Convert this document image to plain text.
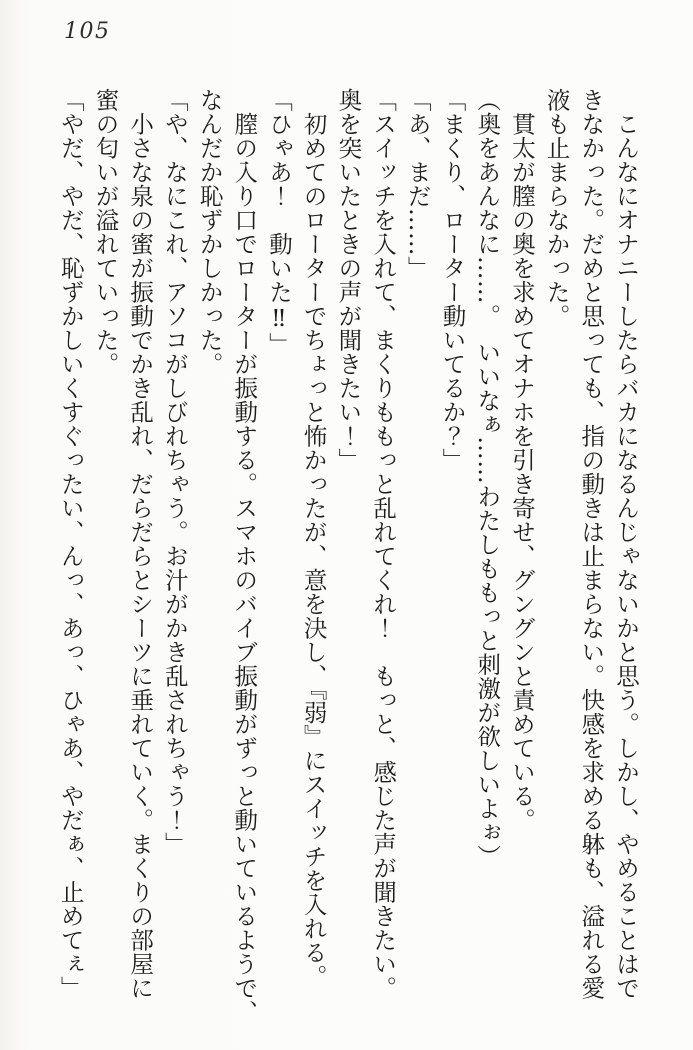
105
　こんなにオナニーしたらバカになるんじゃないかと思う。しかし、やめることはで
きなかった。だめと思っても、指の動きは止まらない。快感を求める躰も、溢れる愛
液も止まらなかった。
　貫太が膣の奥を求めてオナホを引き寄せ、グングンと責めている。
（奥をあんなに……。　いいなぁ……わたしももっと刺激が欲しいよぉ）
「まくり、ローター動いてるか？」
「あ、まだ……」
「スイッチを入れて、まくりももっと乱れてくれ！　もっと、感じた声が聞きたい。
奥を突いたときの声が聞きたい！」
　初めてのローターでちょっと怖かったが、意を決し、『弱』にスイッチを入れる。
「ひゃあ！　動いた‼」
　膣の入り口でローターが振動する。スマホのバイブ振動がずっと動いているようで、
なんだか恥ずかしかった。
「や、なにこれ、アソコがしびれちゃう。お汁がかき乱されちゃう！」
　小さな泉の蜜が振動でかき乱れ、だらだらとシーツに垂れていく。まくりの部屋に
蜜の匂いが溢れていった。
「やだ、やだ、恥ずかしいくすぐったい、んっ、あっ、ひゃあ、やだぁ、止めてぇ」
